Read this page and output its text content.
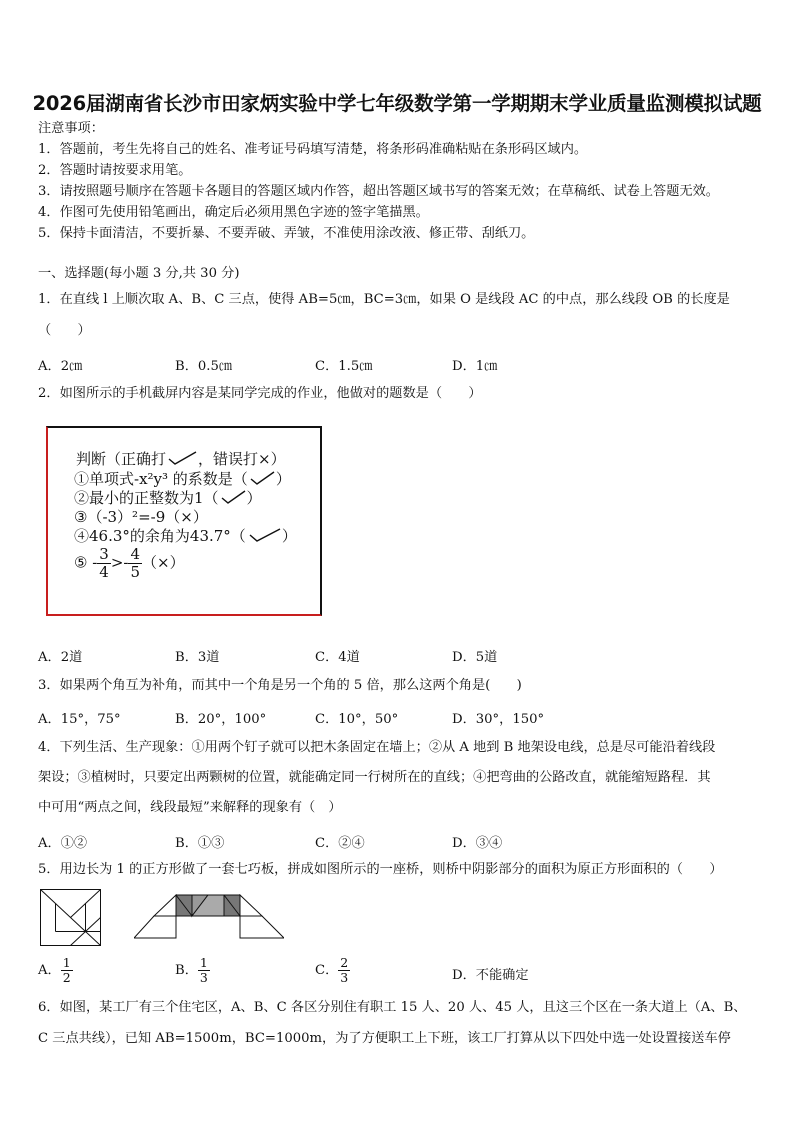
2026届湖南省长沙市田家炳实验中学七年级数学第一学期期末学业质量监测模拟试题
注意事项：
1．答题前，考生先将自己的姓名、准考证号码填写清楚，将条形码准确粘贴在条形码区域内。
2．答题时请按要求用笔。
3．请按照题号顺序在答题卡各题目的答题区域内作答，超出答题区域书写的答案无效；在草稿纸、试卷上答题无效。
4．作图可先使用铅笔画出，确定后必须用黑色字迹的签字笔描黑。
5．保持卡面清洁，不要折暴、不要弄破、弄皱，不准使用涂改液、修正带、刮纸刀。
一、选择题(每小题 3 分,共 30 分)
1．在直线 l 上顺次取 A、B、C 三点，使得 AB=5㎝，BC=3㎝，如果 O 是线段 AC 的中点，那么线段 OB 的长度是
（　　）
A．2㎝	B．0.5㎝	C．1.5㎝	D．1㎝
2．如图所示的手机截屏内容是某同学完成的作业，他做对的题数是（　　）
判断（正确打 ，错误打×）
①单项式-x²y³ 的系数是（ ）
②最小的正整数为1（ ）
③（-3）²=-9（×）
④46.3°的余角为43.7°（ ）
⑤ - $\frac{3}{4} >- \frac{4}{5}$ （×）
A．2道	B．3道	C．4道	D．5道
3．如果两个角互为补角，而其中一个角是另一个角的 5 倍，那么这两个角是(　　)
A．15°，75°	B．20°，100°	C．10°，50°	D．30°，150°
4．下列生活、生产现象：①用两个钉子就可以把木条固定在墙上；②从 A 地到 B 地架设电线，总是尽可能沿着线段
架设；③植树时，只要定出两颗树的位置，就能确定同一行树所在的直线；④把弯曲的公路改直，就能缩短路程．其
中可用“两点之间，线段最短”来解释的现象有（　）
A．①②	B．①③	C．②④	D．③④
5．用边长为 1 的正方形做了一套七巧板，拼成如图所示的一座桥，则桥中阴影部分的面积为原正方形面积的（　　）
A． $\frac{1}{2}$	B． $\frac{1}{3}$	C． $\frac{2}{3}$	D．不能确定
6．如图，某工厂有三个住宅区，A、B、C 各区分别住有职工 15 人、20 人、45 人，且这三个区在一条大道上（A、B、
C 三点共线），已知 AB=1500m，BC=1000m，为了方便职工上下班，该工厂打算从以下四处中选一处设置接送车停
